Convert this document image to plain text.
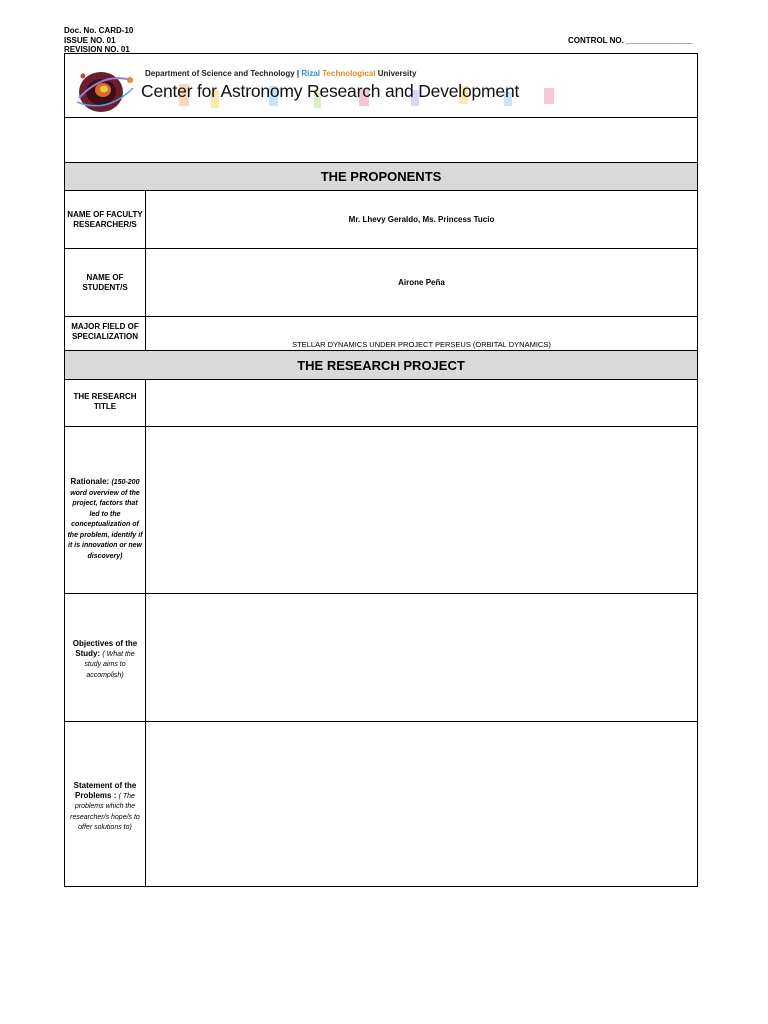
Doc. No. CARD-10
ISSUE NO. 01
REVISION NO. 01
CONTROL NO. _______________
Department of Science and Technology | Rizal Technological University
Center for Astronomy Research and Development
THE PROPONENTS
NAME OF FACULTY RESEARCHER/S	Mr. Lhevy Geraldo, Ms. Princess Tucio
NAME OF STUDENT/S	Airone Peña
MAJOR FIELD OF SPECIALIZATION
STELLAR DYNAMICS UNDER PROJECT PERSEUS (ORBITAL DYNAMICS)
THE RESEARCH PROJECT
THE RESEARCH TITLE
Rationale: (150-200 word overview of the project, factors that led to the conceptualization of the problem, identify if it is innovation or new discovery)
Objectives of the Study: ( What the study aims to accomplish)
Statement of the Problems : ( The problems which the researcher/s hope/s to offer solutions to)
